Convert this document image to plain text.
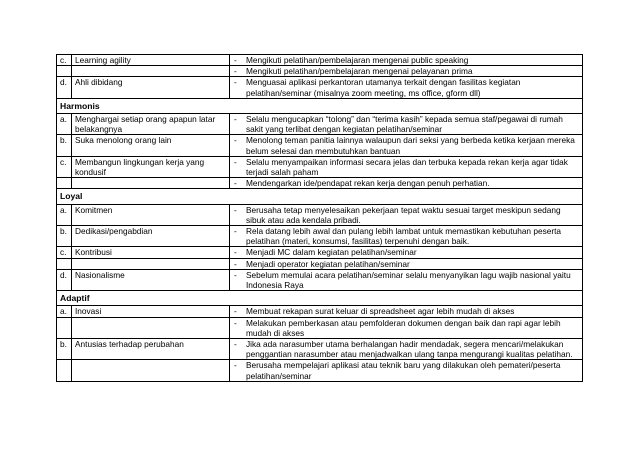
c.	Learning agility	- Mengikuti pelatihan/pembelajaran mengenai public speaking

		- Mengikuti pelatihan/pembelajaran mengenai pelayanan prima

d.	Ahli dibidang	- Menguasai aplikasi perkantoran utamanya terkait dengan fasilitas kegiatan pelatihan/seminar (misalnya zoom meeting, ms office, gform dll)

Harmonis		
a.	Menghargai setiap orang apapun latar belakangnya	- Selalu mengucapkan “tolong” dan “terima kasih” kepada semua staf/pegawai di rumah sakit yang terlibat dengan kegiatan pelatihan/seminar

b.	Suka menolong orang lain	- Menolong teman panitia lainnya walaupun dari seksi yang berbeda ketika kerjaan mereka belum selesai dan membutuhkan bantuan

c.	Membangun lingkungan kerja yang kondusif	- Selalu menyampaikan informasi secara jelas dan terbuka kepada rekan kerja agar tidak terjadi salah paham

		- Mendengarkan ide/pendapat rekan kerja dengan penuh perhatian.

Loyal		
a.	Komitmen	- Berusaha tetap menyelesaikan pekerjaan tepat waktu sesuai target meskipun sedang sibuk atau ada kendala pribadi.

b.	Dedikasi/pengabdian	- Rela datang lebih awal dan pulang lebih lambat untuk memastikan kebutuhan peserta pelatihan (materi, konsumsi, fasilitas) terpenuhi dengan baik.

c.	Kontribusi	- Menjadi MC dalam kegiatan pelatihan/seminar

		- Menjadi operator kegiatan pelatihan/seminar

d.	Nasionalisme	- Sebelum memulai acara pelatihan/seminar selalu menyanyikan lagu wajib nasional yaitu Indonesia Raya

Adaptif		
a.	Inovasi	- Membuat rekapan surat keluar di spreadsheet agar lebih mudah di akses

		- Melakukan pemberkasan atau pemfolderan dokumen dengan baik dan rapi agar lebih mudah di akses

b.	Antusias terhadap perubahan	- Jika ada narasumber utama berhalangan hadir mendadak, segera mencari/melakukan penggantian narasumber atau menjadwalkan ulang tanpa mengurangi kualitas pelatihan.

		- Berusaha mempelajari aplikasi atau teknik baru yang dilakukan oleh pemateri/peserta pelatihan/seminar
